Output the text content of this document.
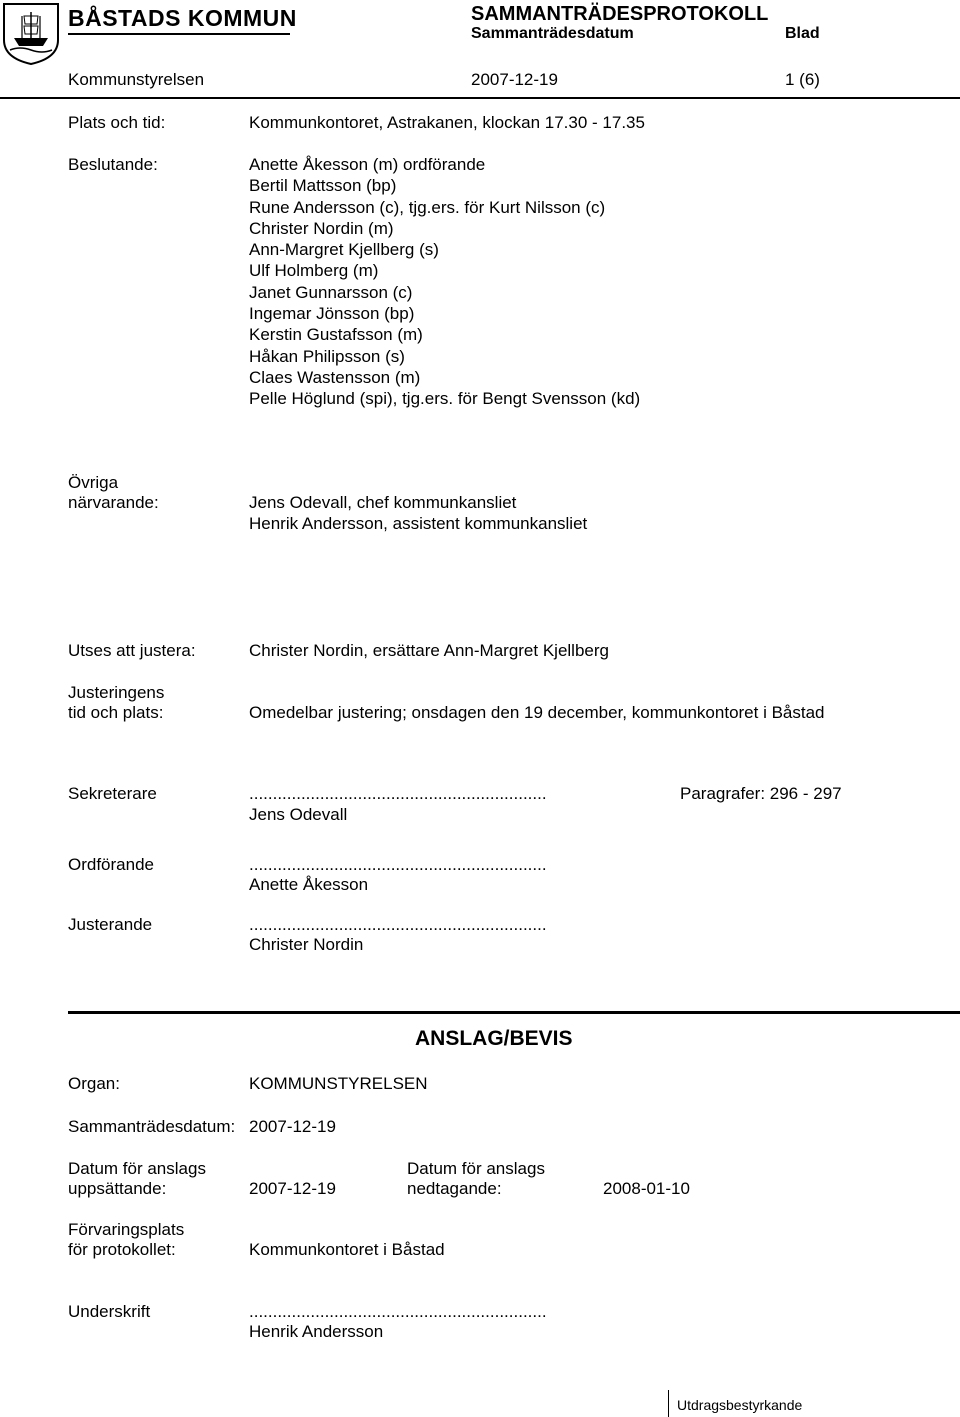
BÅSTADS KOMMUN	SAMMANTRÄDESPROTOKOLL
Sammanträdesdatum	Blad
Kommunstyrelsen	2007-12-19	1 (6)
Plats och tid:	Kommunkontoret, Astrakanen, klockan 17.30 - 17.35
Beslutande:	Anette Åkesson (m) ordförande
Bertil Mattsson (bp)
Rune Andersson (c), tjg.ers. för Kurt Nilsson (c)
Christer Nordin (m)
Ann-Margret Kjellberg (s)
Ulf Holmberg (m)
Janet Gunnarsson (c)
Ingemar Jönsson (bp)
Kerstin Gustafsson (m)
Håkan Philipsson (s)
Claes Wastensson (m)
Pelle Höglund (spi), tjg.ers. för Bengt Svensson (kd)
Övriga
närvarande:	Jens Odevall, chef kommunkansliet
Henrik Andersson, assistent kommunkansliet
Utses att justera:	Christer Nordin, ersättare Ann-Margret Kjellberg
Justeringens
tid och plats:	Omedelbar justering; onsdagen den 19 december, kommunkontoret i Båstad
Sekreterare	...............................................................	Paragrafer: 296 - 297
Jens Odevall
Ordförande	...............................................................
Anette Åkesson
Justerande	...............................................................
Christer Nordin
ANSLAG/BEVIS
Organ:	KOMMUNSTYRELSEN
Sammanträdesdatum: 2007-12-19
Datum för anslags
uppsättande:	2007-12-19
Datum för anslags
nedtagande:	2008-01-10
Förvaringsplats
för protokollet:	Kommunkontoret i Båstad
Underskrift	...............................................................
Henrik Andersson
Utdragsbestyrkande
